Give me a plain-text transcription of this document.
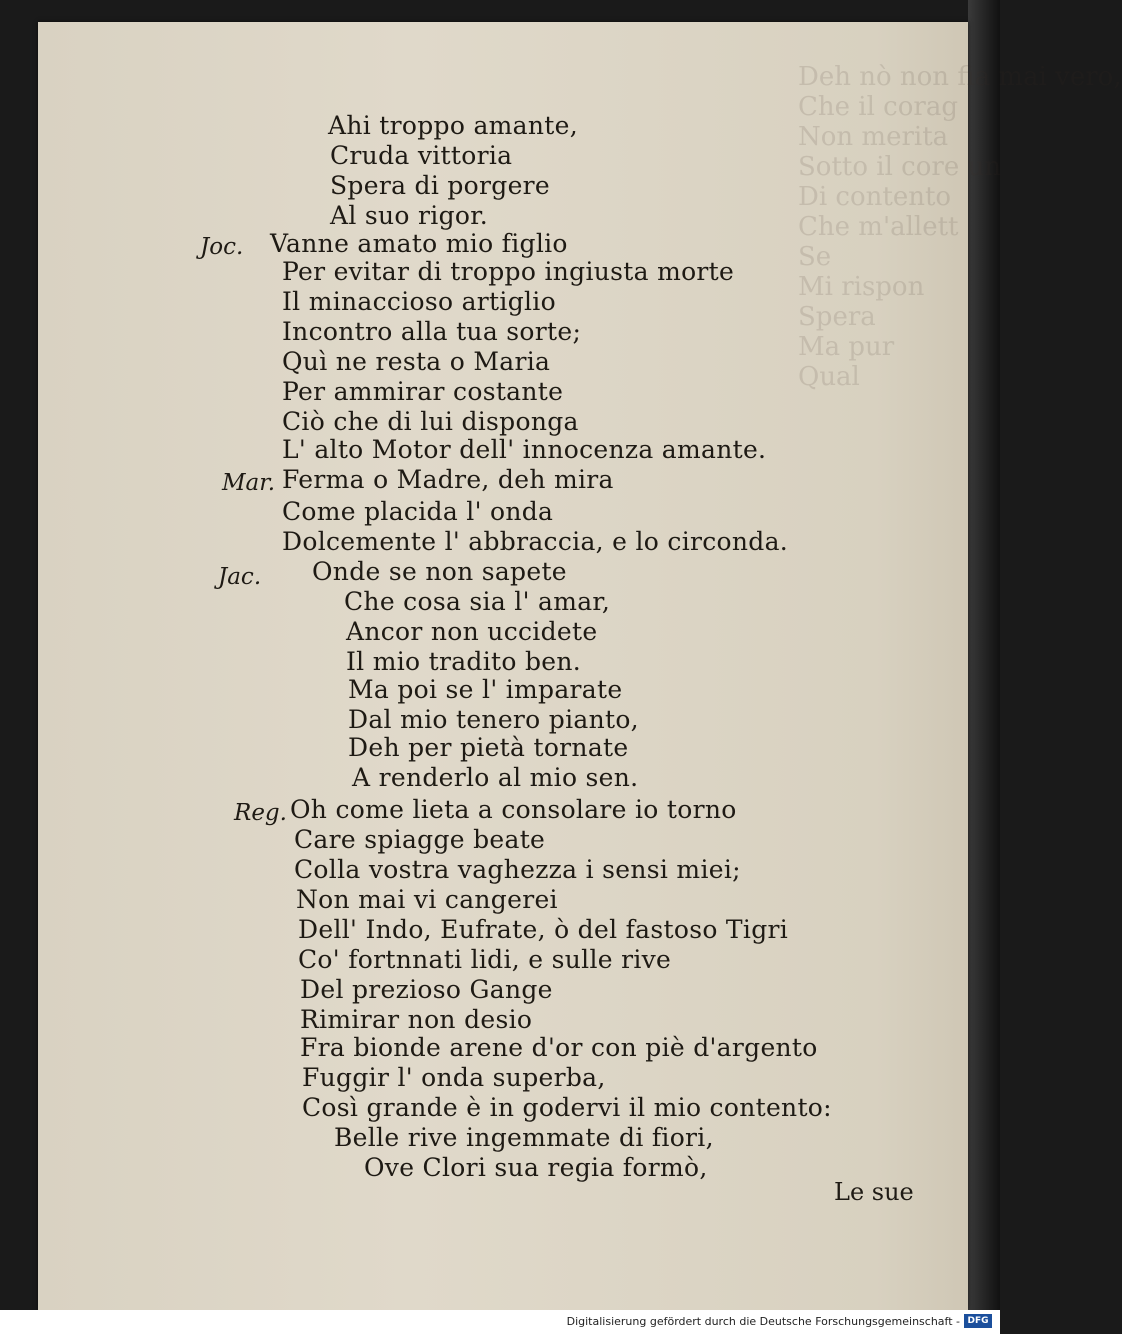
Deh nò non  mai vero,
Che il corag
Non merita
Sotto il core
Di contento
Che m'allett
Se
Mi rispon
Spera
Ma pur
Qual
Ahi troppo amante,
Cruda vittoria
Spera di porgere
Al suo rigor.
Joc. Vanne amato mio figlio
Per evitar di troppo ingiusta morte
Il minaccioso artiglio
Incontro alla tua sorte;
Quì ne resta o Maria
Per ammirar costante
Ciò che di lui disponga
L' alto Motor dell' innocenza amante.
Mar. Ferma o Madre, deh mira
Come placida l' onda
Dolcemente l' abbraccia, e lo circonda.
Jac. Onde se non sapete
Che cosa sia l' amar,
Ancor non uccidete
Il mio tradito ben.
Ma poi se l' imparate
Dal mio tenero pianto,
Deh per pietà tornate
A renderlo al mio sen.
Reg. Oh come lieta a consolare io torno
Care spiagge beate
Colla vostra vaghezza i sensi miei;
Non mai vi cangerei
Dell' Indo, Eufrate, ò del fastoso Tigri
Co' fortnnati lidi, e sulle rive
Del prezioso Gange
Rimirar non desio
Fra bionde arene d'or con piè d'argento
Fuggir l' onda superba,
Così grande è in godervi il mio contento:
Belle rive ingemmate di fiori,
Ove Clori sua regia formò,
Le sue
Digitalisierung gefördert durch die Deutsche Forschungsgemeinschaft - DFG
